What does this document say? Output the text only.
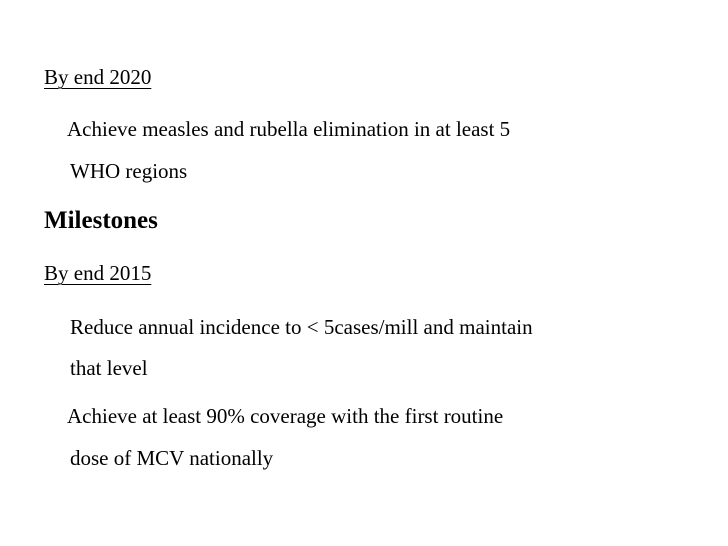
By end 2020
Achieve measles and rubella elimination in at least 5
WHO regions
Milestones
By end 2015
Reduce annual incidence to < 5cases/mill and maintain
that level
Achieve at least 90% coverage with the first routine
dose of MCV nationally
